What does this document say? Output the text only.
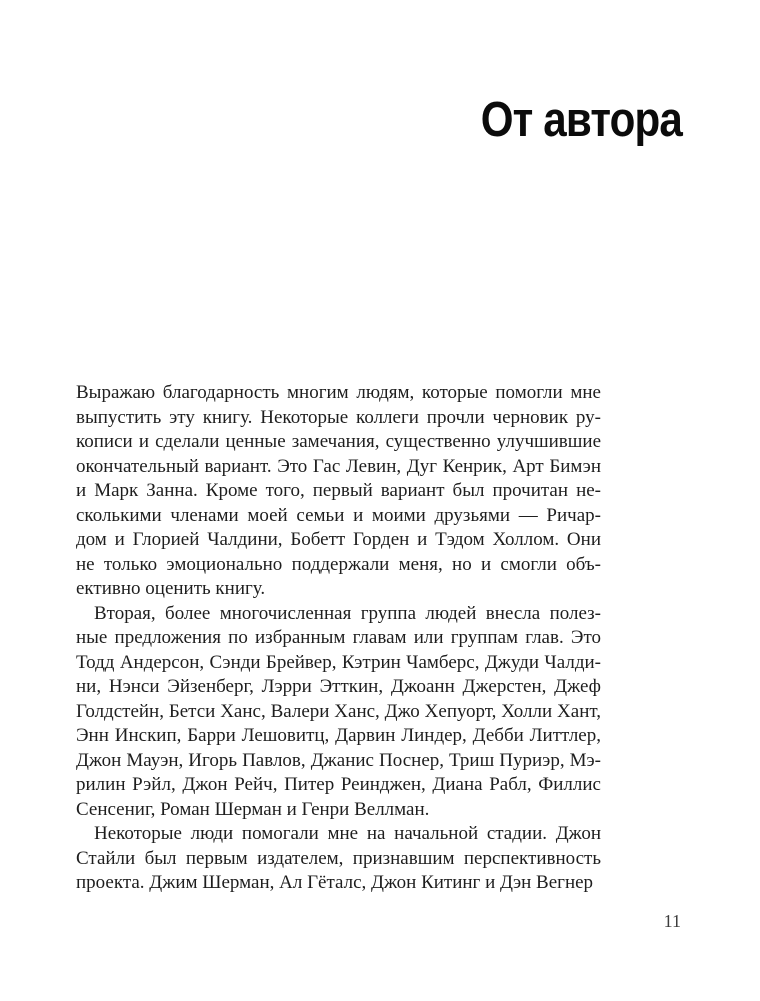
От автора
Выражаю благодарность многим людям, которые помогли мне
выпустить эту книгу. Некоторые коллеги прочли черновик ру-
кописи и сделали ценные замечания, существенно улучшившие
окончательный вариант. Это Гас Левин, Дуг Кенрик, Арт Бимэн
и Марк Занна. Кроме того, первый вариант был прочитан не-
сколькими членами моей семьи и моими друзьями — Ричар-
дом и Глорией Чалдини, Бобетт Горден и Тэдом Холлом. Они
не только эмоционально поддержали меня, но и смогли объ-
ективно оценить книгу.
Вторая, более многочисленная группа людей внесла полез-
ные предложения по избранным главам или группам глав. Это
Тодд Андерсон, Сэнди Брейвер, Кэтрин Чамберс, Джуди Чалди-
ни, Нэнси Эйзенберг, Лэрри Этткин, Джоанн Джерстен, Джеф
Голдстейн, Бетси Ханс, Валери Ханс, Джо Хепуорт, Холли Хант,
Энн Инскип, Барри Лешовитц, Дарвин Линдер, Дебби Литтлер,
Джон Мауэн, Игорь Павлов, Джанис Поснер, Триш Пуриэр, Мэ-
рилин Рэйл, Джон Рейч, Питер Реинджен, Диана Рабл, Филлис
Сенсениг, Роман Шерман и Генри Веллман.
Некоторые люди помогали мне на начальной стадии. Джон
Стайли был первым издателем, признавшим перспективность
проекта. Джим Шерман, Ал Гёталс, Джон Китинг и Дэн Вегнер
11
